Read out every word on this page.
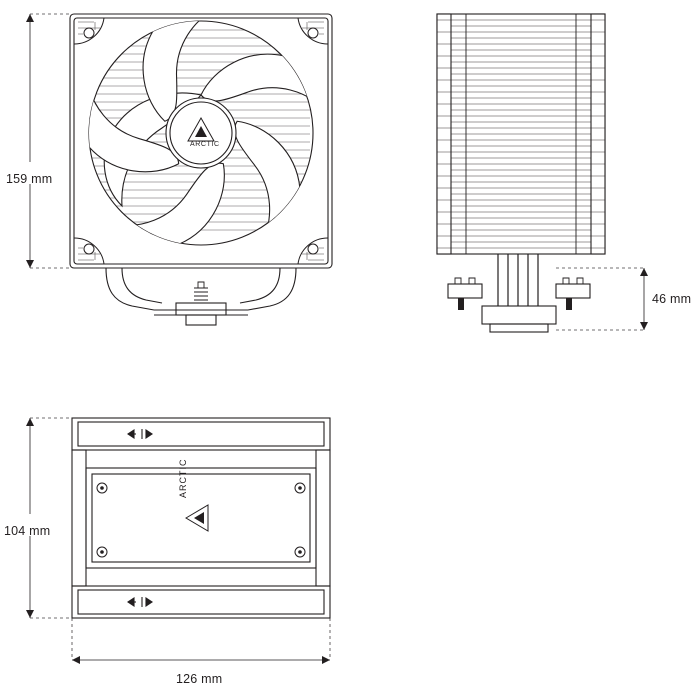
159 mm
46 mm
104 mm
126 mm
ARCTIC
ARCTIC
